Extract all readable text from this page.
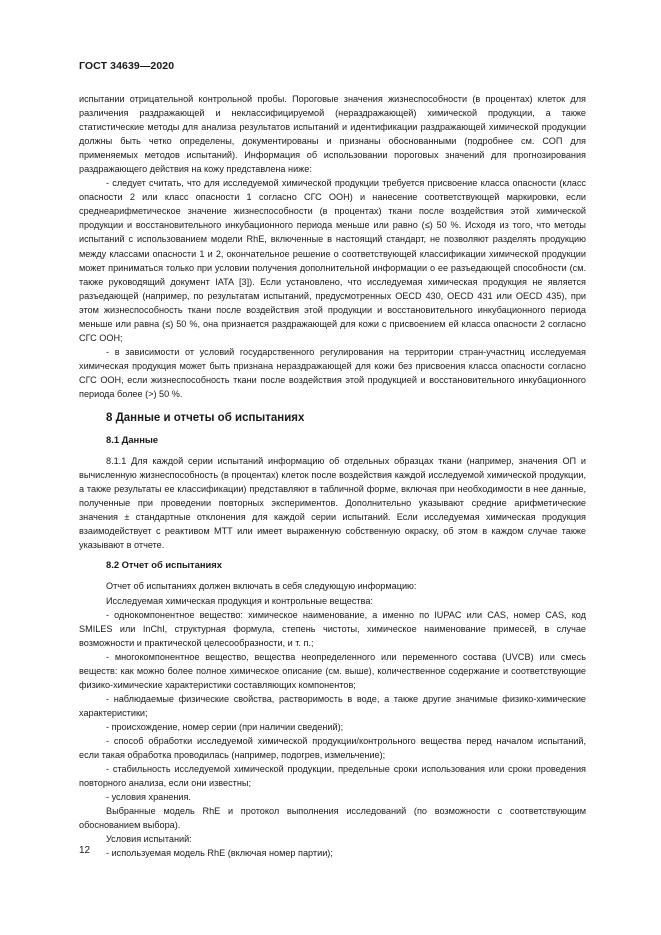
ГОСТ 34639—2020

испытании отрицательной контрольной пробы. Пороговые значения жизнеспособности (в процентах) клеток для различения раздражающей и неклассифицируемой (нераздражающей) химической продукции, а также статистические методы для анализа результатов испытаний и идентификации раздражающей химической продукции должны быть четко определены, документированы и признаны обоснованными (подробнее см. СОП для применяемых методов испытаний). Информация об использовании пороговых значений для прогнозирования раздражающего действия на кожу представлена ниже:

- следует считать, что для исследуемой химической продукции требуется присвоение класса опасности (класс опасности 2 или класс опасности 1 согласно СГС ООН) и нанесение соответствующей маркировки, если среднеарифметическое значение жизнеспособности (в процентах) ткани после воздействия этой химической продукции и восстановительного инкубационного периода меньше или равно (≤) 50 %. Исходя из того, что методы испытаний с использованием модели RhE, включенные в настоящий стандарт, не позволяют разделять продукцию между классами опасности 1 и 2, окончательное решение о соответствующей классификации химической продукции может приниматься только при условии получения дополнительной информации о ее разъедающей способности (см. также руководящий документ IATA [3]). Если установлено, что исследуемая химическая продукция не является разъедающей (например, по результатам испытаний, предусмотренных OECD 430, OECD 431 или OECD 435), при этом жизнеспособность ткани после воздействия этой продукции и восстановительного инкубационного периода меньше или равна (≤) 50 %, она признается раздражающей для кожи с присвоением ей класса опасности 2 согласно СГС ООН;

- в зависимости от условий государственного регулирования на территории стран-участниц исследуемая химическая продукция может быть признана нераздражающей для кожи без присвоения класса опасности согласно СГС ООН, если жизнеспособность ткани после воздействия этой продукцией и восстановительного инкубационного периода более (>) 50 %.

8 Данные и отчеты об испытаниях

8.1 Данные

8.1.1 Для каждой серии испытаний информацию об отдельных образцах ткани (например, значения ОП и вычисленную жизнеспособность (в процентах) клеток после воздействия каждой исследуемой химической продукции, а также результаты ее классификации) представляют в табличной форме, включая при необходимости в нее данные, полученные при проведении повторных экспериментов. Дополнительно указывают средние арифметические значения ± стандартные отклонения для каждой серии испытаний. Если исследуемая химическая продукция взаимодействует с реактивом МТТ или имеет выраженную собственную окраску, об этом в каждом случае также указывают в отчете.

8.2 Отчет об испытаниях

Отчет об испытаниях должен включать в себя следующую информацию:

Исследуемая химическая продукция и контрольные вещества:

- однокомпонентное вещество: химическое наименование, а именно по IUPAC или CAS, номер CAS, код SMILES или InChI, структурная формула, степень чистоты, химическое наименование примесей, в случае возможности и практической целесообразности, и т. п.;

- многокомпонентное вещество, вещества неопределенного или переменного состава (UVCB) или смесь веществ: как можно более полное химическое описание (см. выше), количественное содержание и соответствующие физико-химические характеристики составляющих компонентов;

- наблюдаемые физические свойства, растворимость в воде, а также другие значимые физико-химические характеристики;

- происхождение, номер серии (при наличии сведений);

- способ обработки исследуемой химической продукции/контрольного вещества перед началом испытаний, если такая обработка проводилась (например, подогрев, измельчение);

- стабильность исследуемой химической продукции, предельные сроки использования или сроки проведения повторного анализа, если они известны;

- условия хранения.

Выбранные модель RhE и протокол выполнения исследований (по возможности с соответствующим обоснованием выбора).

Условия испытаний:

- используемая модель RhE (включая номер партии);

12
